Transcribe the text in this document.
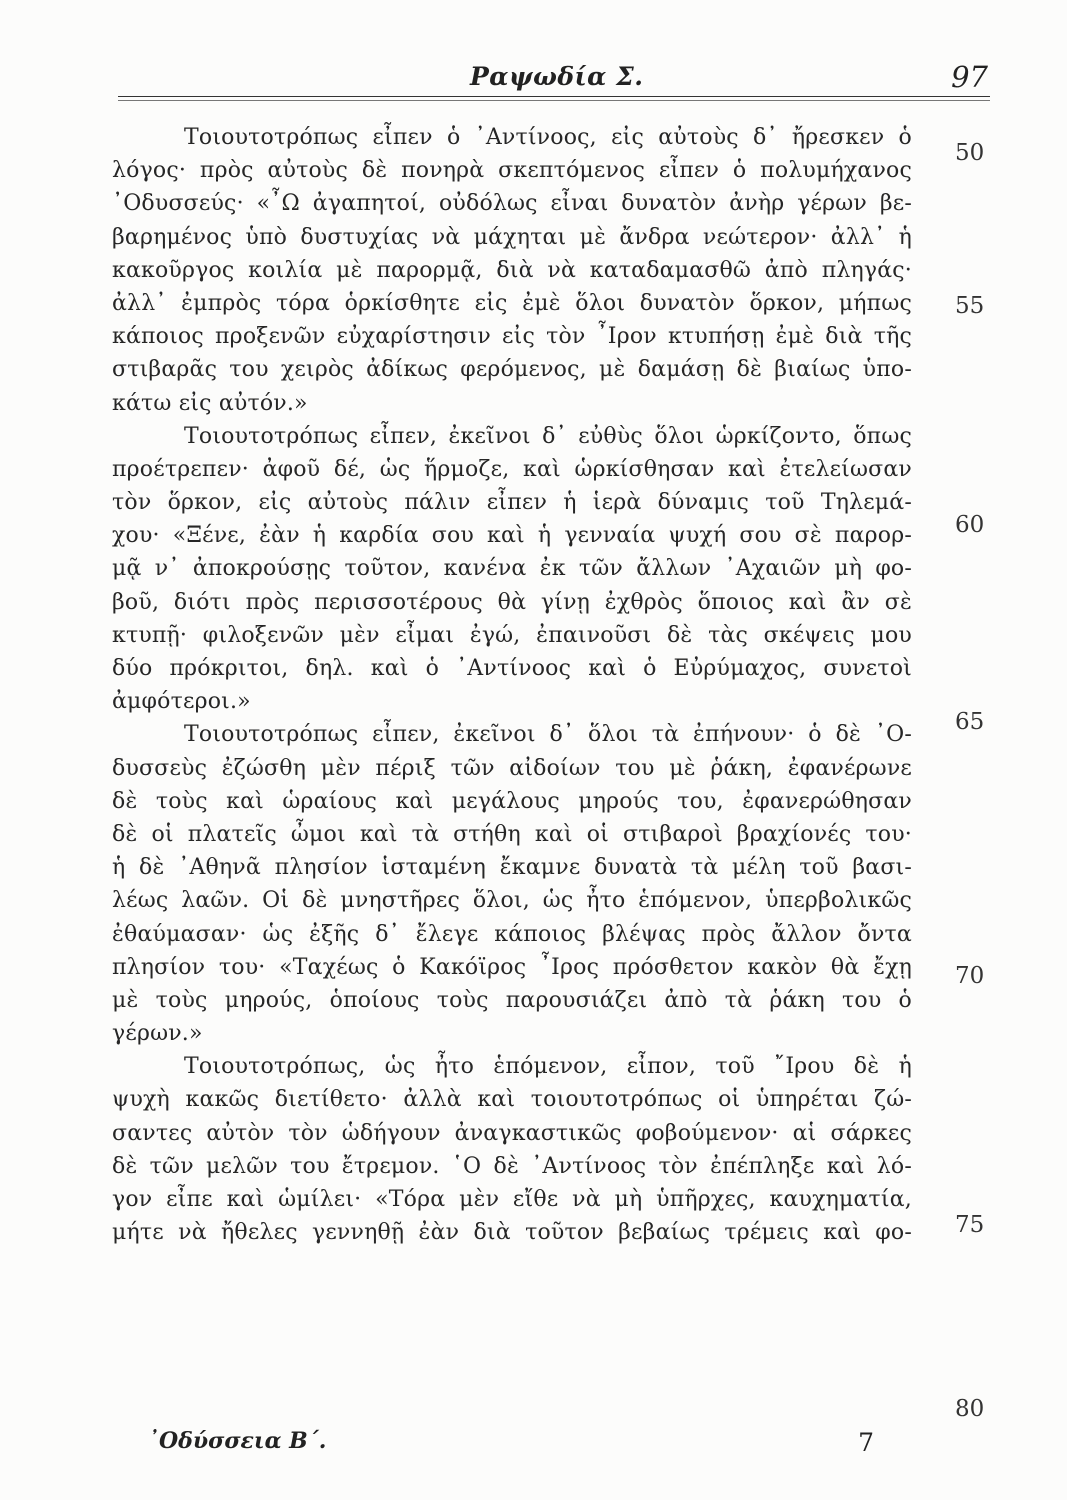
Ραψωδία Σ.	97
Τοιουτοτρόπως εἶπεν ὁ ᾽Αντίνοος, εἰς αὐτοὺς δ᾽ ἤρεσκεν ὁ
λόγος· πρὸς αὐτοὺς δὲ πονηρὰ σκεπτόμενος εἶπεν ὁ πολυμήχανος
᾽Οδυσσεύς· «῏Ω ἀγαπητοί, οὐδόλως εἶναι δυνατὸν ἀνὴρ γέρων βε-
βαρημένος ὑπὸ δυστυχίας νὰ μάχηται μὲ ἄνδρα νεώτερον· ἀλλ᾽ ἡ
κακοῦργος κοιλία μὲ παρορμᾷ, διὰ νὰ καταδαμασθῶ ἀπὸ πληγάς·
ἀλλ᾽ ἐμπρὸς τόρα ὁρκίσθητε εἰς ἐμὲ ὅλοι δυνατὸν ὅρκον, μήπως
κάποιος προξενῶν εὐχαρίστησιν εἰς τὸν ῏Ιρον κτυπήσῃ ἐμὲ διὰ τῆς
στιβαρᾶς του χειρὸς ἀδίκως φερόμενος, μὲ δαμάσῃ δὲ βιαίως ὑπο-
κάτω εἰς αὐτόν.»
Τοιουτοτρόπως εἶπεν, ἐκεῖνοι δ᾽ εὐθὺς ὅλοι ὡρκίζοντο, ὅπως
προέτρεπεν· ἀφοῦ δέ, ὡς ἥρμοζε, καὶ ὡρκίσθησαν καὶ ἐτελείωσαν
τὸν ὅρκον, εἰς αὐτοὺς πάλιν εἶπεν ἡ ἱερὰ δύναμις τοῦ Τηλεμά-
χου· «Ξένε, ἐὰν ἡ καρδία σου καὶ ἡ γενναία ψυχή σου σὲ παρορ-
μᾷ ν᾽ ἀποκρούσῃς τοῦτον, κανένα ἐκ τῶν ἄλλων ᾽Αχαιῶν μὴ φο-
βοῦ, διότι πρὸς περισσοτέρους θὰ γίνῃ ἐχθρὸς ὅποιος καὶ ἂν σὲ
κτυπῇ· φιλοξενῶν μὲν εἶμαι ἐγώ, ἐπαινοῦσι δὲ τὰς σκέψεις μου
δύο πρόκριτοι, δηλ. καὶ ὁ ᾽Αντίνοος καὶ ὁ Εὐρύμαχος, συνετοὶ
ἀμφότεροι.»
Τοιουτοτρόπως εἶπεν, ἐκεῖνοι δ᾽ ὅλοι τὰ ἐπήνουν· ὁ δὲ ᾽Ο-
δυσσεὺς ἐζώσθη μὲν πέριξ τῶν αἰδοίων του μὲ ῥάκη, ἐφανέρωνε
δὲ τοὺς καὶ ὡραίους καὶ μεγάλους μηρούς του, ἐφανερώθησαν
δὲ οἱ πλατεῖς ὦμοι καὶ τὰ στήθη καὶ οἱ στιβαροὶ βραχίονές του·
ἡ δὲ ᾽Αθηνᾶ πλησίον ἱσταμένη ἔκαμνε δυνατὰ τὰ μέλη τοῦ βασι-
λέως λαῶν. Οἱ δὲ μνηστῆρες ὅλοι, ὡς ἦτο ἑπόμενον, ὑπερβολικῶς
ἐθαύμασαν· ὡς ἐξῆς δ᾽ ἔλεγε κάποιος βλέψας πρὸς ἄλλον ὄντα
πλησίον του· «Ταχέως ὁ Κακόϊρος ῏Ιρος πρόσθετον κακὸν θὰ ἔχῃ
μὲ τοὺς μηρούς, ὁποίους τοὺς παρουσιάζει ἀπὸ τὰ ῥάκη του ὁ
γέρων.»
Τοιουτοτρόπως, ὡς ἦτο ἑπόμενον, εἶπον, τοῦ ῎Ιρου δὲ ἡ
ψυχὴ κακῶς διετίθετο· ἀλλὰ καὶ τοιουτοτρόπως οἱ ὑπηρέται ζώ-
σαντες αὐτὸν τὸν ὡδήγουν ἀναγκαστικῶς φοβούμενον· αἱ σάρκες
δὲ τῶν μελῶν του ἔτρεμον. ῾Ο δὲ ᾽Αντίνοος τὸν ἐπέπληξε καὶ λό-
γον εἶπε καὶ ὡμίλει· «Τόρα μὲν εἴθε νὰ μὴ ὑπῆρχες, καυχηματία,
μήτε νὰ ἤθελες γεννηθῇ ἐὰν διὰ τοῦτον βεβαίως τρέμεις καὶ φο-
50
55
60
65
70
75
80
᾿Οδύσσεια Β΄.	7
